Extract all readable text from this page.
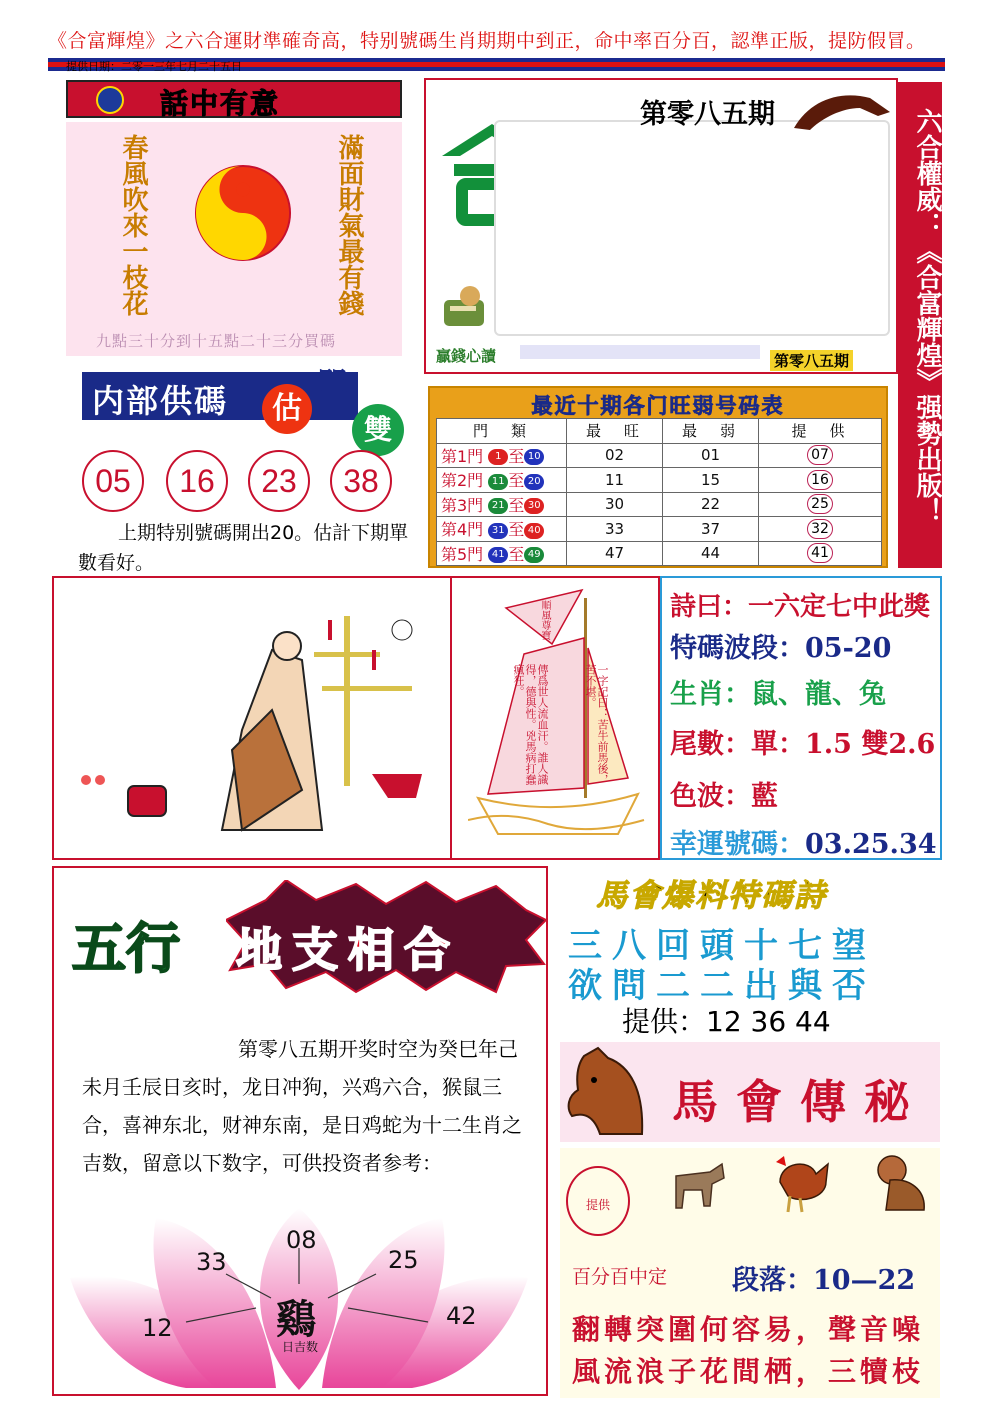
《合富輝煌》之六合運財準確奇高，特别號碼生肖期期中到正，命中率百分百，認準正版，提防假冒。
提供日期：二零一三年七月二十五日
話中有意
春風吹來一枝花	滿面財氣最有錢
九點三十分到十五點二十三分買碼
第零八五期
贏錢心讀	第零八五期	六合權威：《合富輝煌》强勢出版！
内部供碼	估
單
雙
05	16	23	38
上期特别號碼開出20。估計下期單數看好。
最近十期各门旺弱号码表
門　類	最　旺	最　弱	提　供
第1門 1 至 10	02	01	07
第2門 11 至 20	11	15	16
第3門 21 至 30	30	22	25
第4門 31 至 40	33	37	32
第5門 41 至 49	47	44	41
順風尊寶
一字記曰：苦牛前馬後，苦不堪。
傳爲世人流血汗。誰人識得，德與性。兇馬病打蠢瘋狂。
詩曰：一六定七中此獎
特碼波段：05-20
生肖：鼠、龍、兔
尾數：單：1.5 雙2.6
色波：藍
幸運號碼：03.25.34
五行 地支相合
第零八五期开奖时空为癸巳年己未月壬辰日亥时，龙日冲狗，兴鸡六合，猴鼠三合，喜神东北，财神东南，是日鸡蛇为十二生肖之吉数，留意以下数字，可供投资者参考：
12
33
08
25
42
鷄
日吉数
馬會爆料特碼詩
三八回頭十七望
欲問二二出與否
提供：12 36 44
馬會傳秘
提供
百分百中定 段落：10—22
翻轉突圍何容易，聲音噪
風流浪子花間栖，三犢枝
